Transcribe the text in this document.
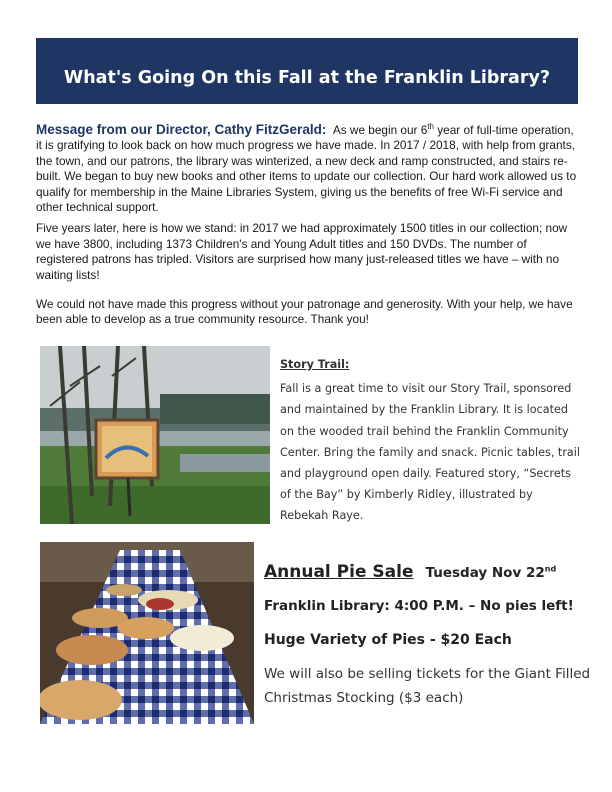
What's Going On this Fall at the Franklin Library?

Message from our Director, Cathy FitzGerald: As we begin our 6th year of full-time operation, it is gratifying to look back on how much progress we have made. In 2017 / 2018, with help from grants, the town, and our patrons, the library was winterized, a new deck and ramp constructed, and stairs re-built. We began to buy new books and other items to update our collection. Our hard work allowed us to qualify for membership in the Maine Libraries System, giving us the benefits of free Wi-Fi service and other technical support.

Five years later, here is how we stand: in 2017 we had approximately 1500 titles in our collection; now we have 3800, including 1373 Children's and Young Adult titles and 150 DVDs. The number of registered patrons has tripled. Visitors are surprised how many just-released titles we have – with no waiting lists!

We could not have made this progress without your patronage and generosity. With your help, we have been able to develop as a true community resource. Thank you!

Story Trail:

Fall is a great time to visit our Story Trail, sponsored and maintained by the Franklin Library. It is located on the wooded trail behind the Franklin Community Center. Bring the family and snack. Picnic tables, trail and playground open daily. Featured story, “Secrets of the Bay” by Kimberly Ridley, illustrated by Rebekah Raye.

Annual Pie Sale Tuesday Nov 22nd
Franklin Library: 4:00 P.M. – No pies left!
Huge Variety of Pies - $20 Each
We will also be selling tickets for the Giant Filled Christmas Stocking ($3 each)
